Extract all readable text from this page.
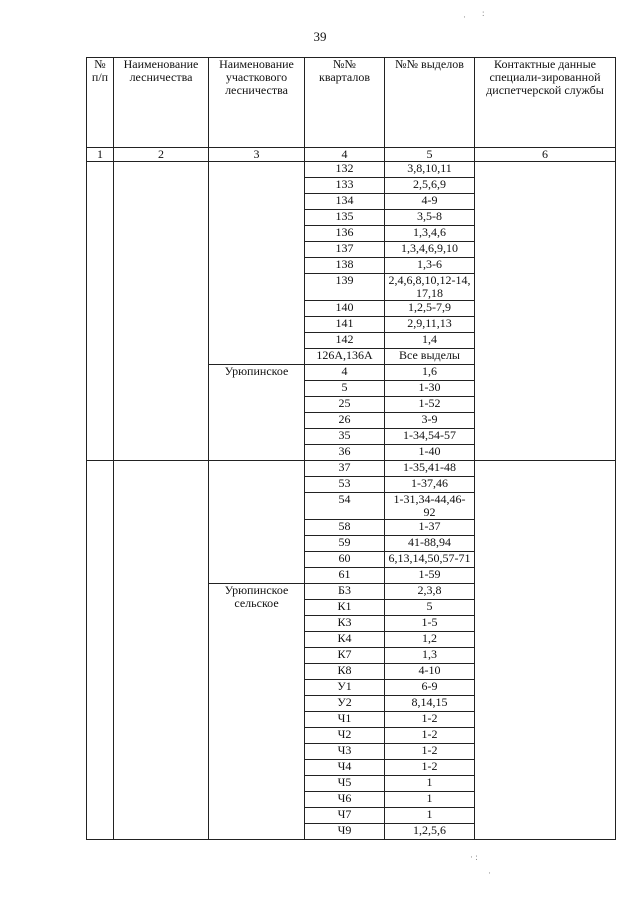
39
№ п/п	Наименование лесничества	Наименование участкового лесничества	№№ кварталов	№№ выделов	Контактные данные специали-зированной диспетчерской службы
1	2	3	4	5	6
			132	3,8,10,11	
			133	2,5,6,9	
			134	4-9	
			135	3,5-8	
			136	1,3,4,6	
			137	1,3,4,6,9,10	
			138	1,3-6	
			139	2,4,6,8,10,12-14, 17,18	
			140	1,2,5-7,9	
			141	2,9,11,13	
			142	1,4	
			126А,136А	Все выделы	
		Урюпинское	4	1,6	
			5	1-30	
			25	1-52	
			26	3-9	
			35	1-34,54-57	
			36	1-40	
			37	1-35,41-48	
			53	1-37,46	
			54	1-31,34-44,46-92	
			58	1-37	
			59	41-88,94	
			60	6,13,14,50,57-71	
			61	1-59	
		Урюпинское сельское	Б3	2,3,8	
			К1	5	
			К3	1-5	
			К4	1,2	
			К7	1,3	
			К8	4-10	
			У1	6-9	
			У2	8,14,15	
			Ч1	1-2	
			Ч2	1-2	
			Ч3	1-2	
			Ч4	1-2	
			Ч5	1	
			Ч6	1	
			Ч7	1	
			Ч9	1,2,5,6	
· :
· :
·
